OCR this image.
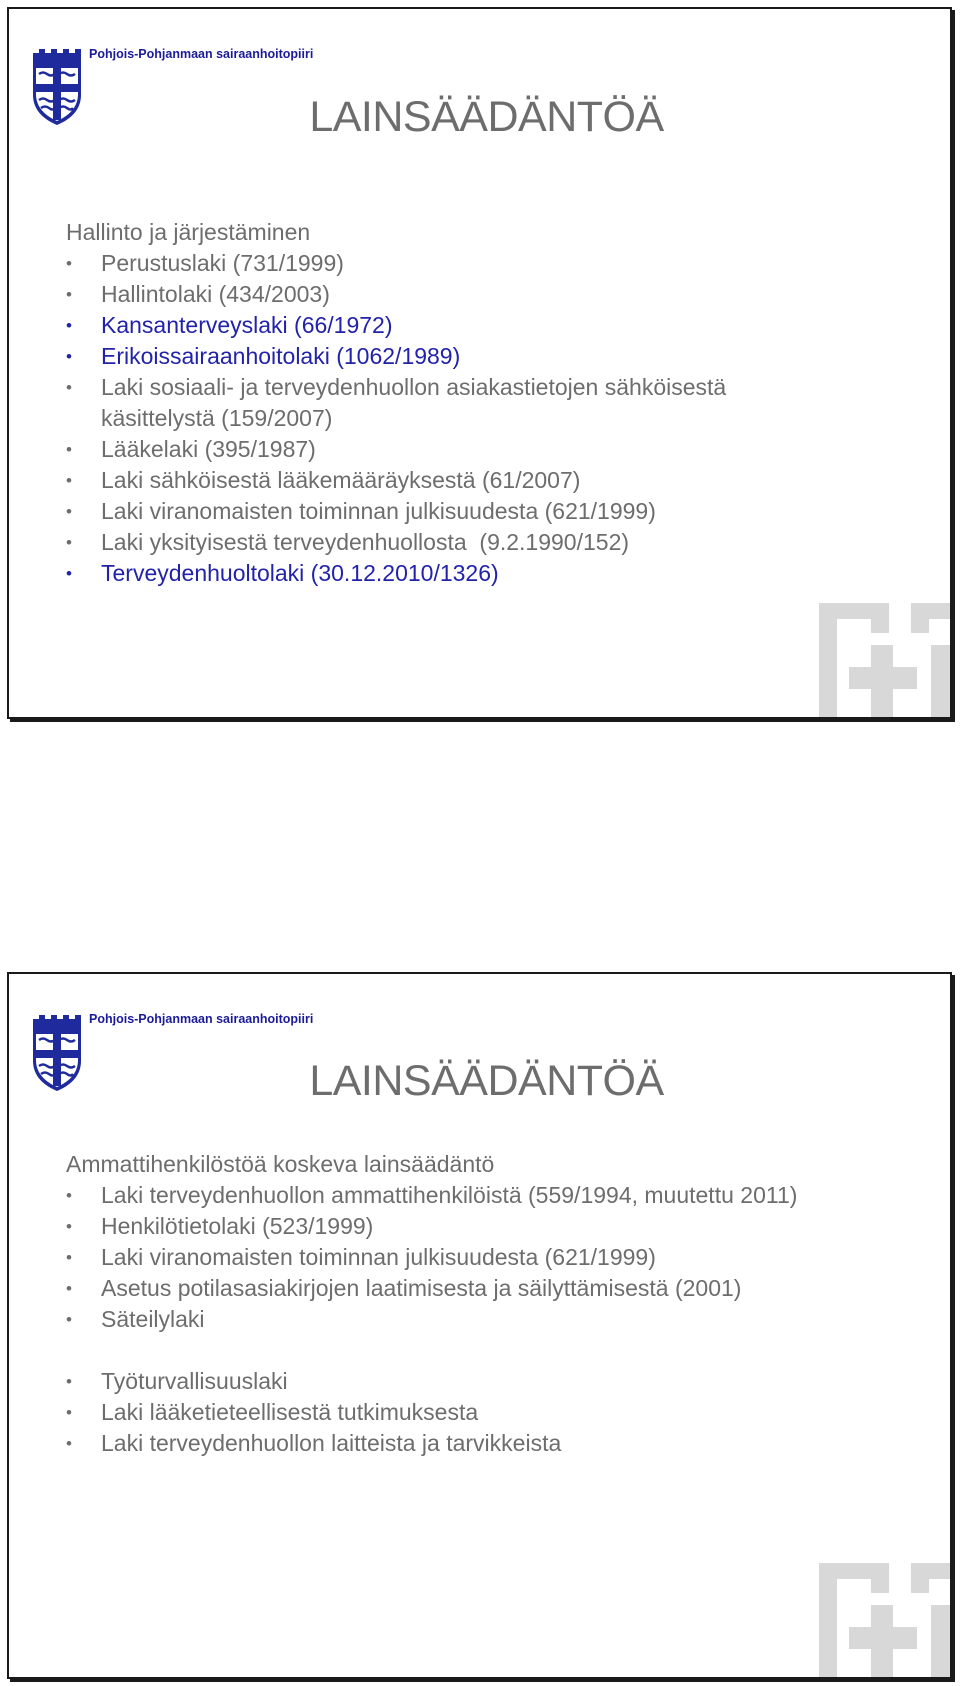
Pohjois-Pohjanmaan sairaanhoitopiiri
LAINSÄÄDÄNTÖÄ
Hallinto ja järjestäminen
•	Perustuslaki (731/1999)
•	Hallintolaki (434/2003)
•	Kansanterveyslaki (66/1972)
•	Erikoissairaanhoitolaki (1062/1989)
•	Laki sosiaali- ja terveydenhuollon asiakastietojen sähköisestä käsittelystä (159/2007)
•	Lääkelaki (395/1987)
•	Laki sähköisestä lääkemääräyksestä (61/2007)
•	Laki viranomaisten toiminnan julkisuudesta (621/1999)
•	Laki yksityisestä terveydenhuollosta  (9.2.1990/152)
•	Terveydenhuoltolaki (30.12.2010/1326)
Pohjois-Pohjanmaan sairaanhoitopiiri
LAINSÄÄDÄNTÖÄ
Ammattihenkilöstöä koskeva lainsäädäntö
•	Laki terveydenhuollon ammattihenkilöistä (559/1994, muutettu 2011)
•	Henkilötietolaki (523/1999)
•	Laki viranomaisten toiminnan julkisuudesta (621/1999)
•	Asetus potilasasiakirjojen laatimisesta ja säilyttämisestä (2001)
•	Säteilylaki
•	Työturvallisuuslaki
•	Laki lääketieteellisestä tutkimuksesta
•	Laki terveydenhuollon laitteista ja tarvikkeista
